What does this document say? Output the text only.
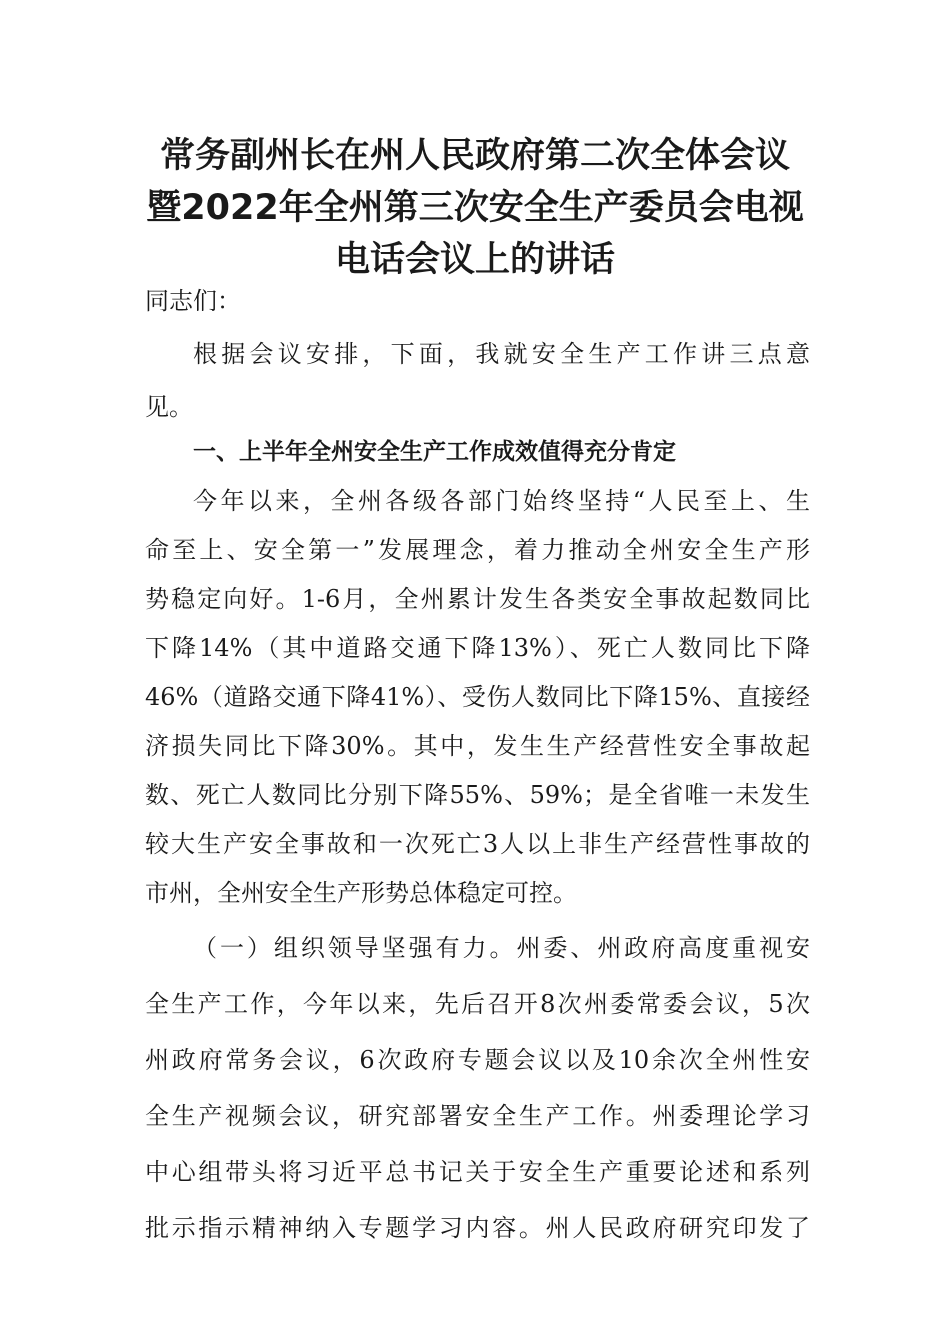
常务副州长在州人民政府第二次全体会议
暨2022年全州第三次安全生产委员会电视
电话会议上的讲话
同志们：
根据会议安排，下面，我就安全生产工作讲三点意
见。
一、上半年全州安全生产工作成效值得充分肯定
今年以来，全州各级各部门始终坚持“人民至上、生
命至上、安全第一”发展理念，着力推动全州安全生产形
势稳定向好。1-6月，全州累计发生各类安全事故起数同比
下降14%（其中道路交通下降13%）、死亡人数同比下降
46%（道路交通下降41%）、受伤人数同比下降15%、直接经
济损失同比下降30%。其中，发生生产经营性安全事故起
数、死亡人数同比分别下降55%、59%；是全省唯一未发生
较大生产安全事故和一次死亡3人以上非生产经营性事故的
市州，全州安全生产形势总体稳定可控。
（一）组织领导坚强有力。州委、州政府高度重视安
全生产工作，今年以来，先后召开8次州委常委会议，5次
州政府常务会议，6次政府专题会议以及10余次全州性安
全生产视频会议，研究部署安全生产工作。州委理论学习
中心组带头将习近平总书记关于安全生产重要论述和系列
批示指示精神纳入专题学习内容。州人民政府研究印发了
